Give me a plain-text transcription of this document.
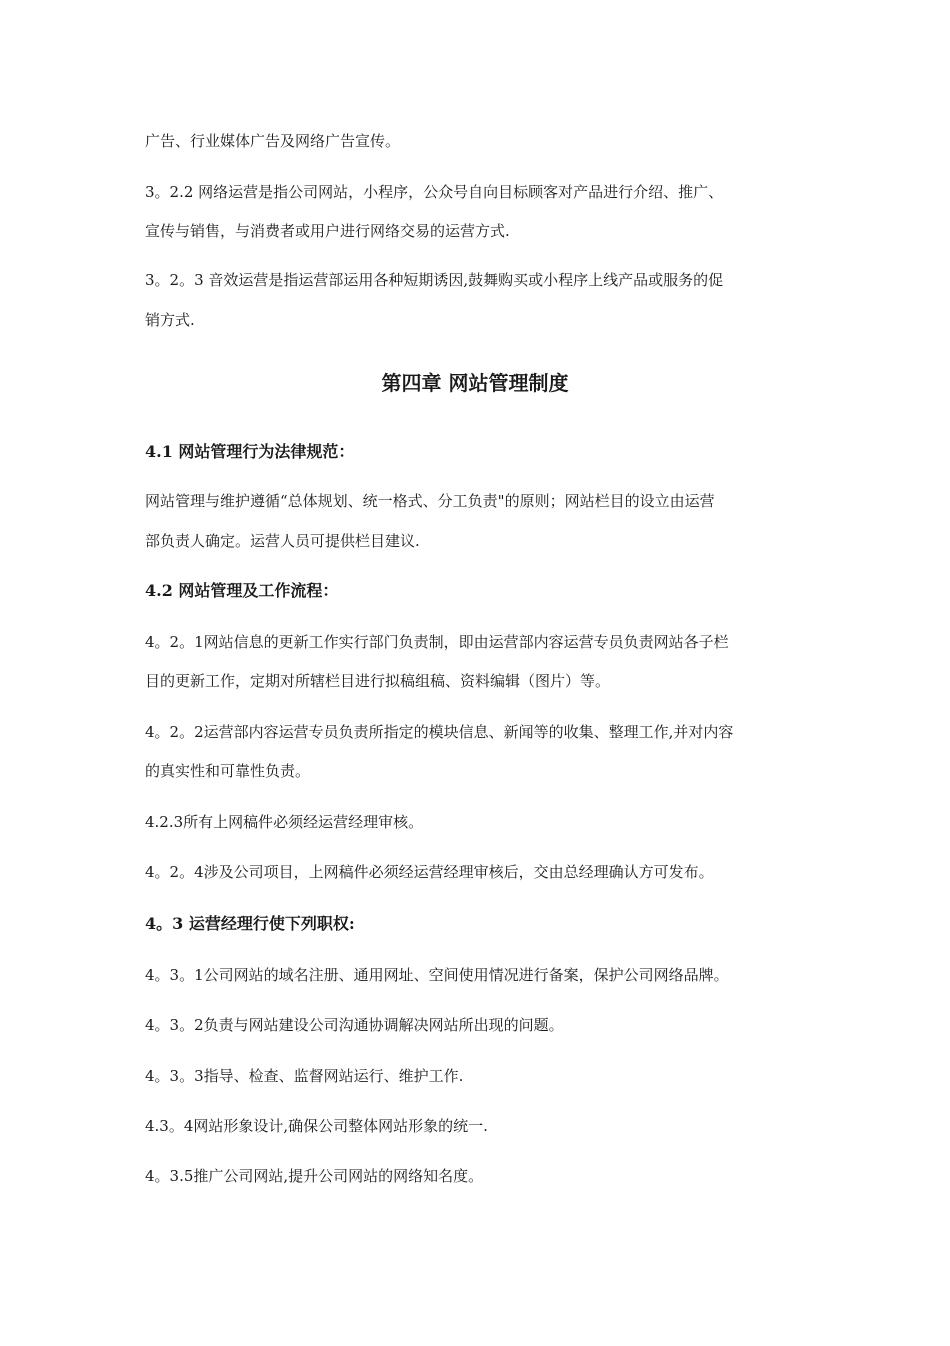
广告、行业媒体广告及网络广告宣传。
3。2.2 网络运营是指公司网站，小程序，公众号自向目标顾客对产品进行介绍、推广、
宣传与销售，与消费者或用户进行网络交易的运营方式.
3。2。3 音效运营是指运营部运用各种短期诱因,鼓舞购买或小程序上线产品或服务的促
销方式.
第四章 网站管理制度
4.1 网站管理行为法律规范：
网站管理与维护遵循“总体规划、统一格式、分工负责"的原则；网站栏目的设立由运营
部负责人确定。运营人员可提供栏目建议.
4.2 网站管理及工作流程：
4。2。1网站信息的更新工作实行部门负责制，即由运营部内容运营专员负责网站各子栏
目的更新工作，定期对所辖栏目进行拟稿组稿、资料编辑（图片）等。
4。2。2运营部内容运营专员负责所指定的模块信息、新闻等的收集、整理工作,并对内容
的真实性和可靠性负责。
4.2.3所有上网稿件必须经运营经理审核。
4。2。4涉及公司项目，上网稿件必须经运营经理审核后，交由总经理确认方可发布。
4。3 运营经理行使下列职权:
4。3。1公司网站的域名注册、通用网址、空间使用情况进行备案，保护公司网络品牌。
4。3。2负责与网站建设公司沟通协调解决网站所出现的问题。
4。3。3指导、检查、监督网站运行、维护工作.
4.3。4网站形象设计,确保公司整体网站形象的统一.
4。3.5推广公司网站,提升公司网站的网络知名度。
